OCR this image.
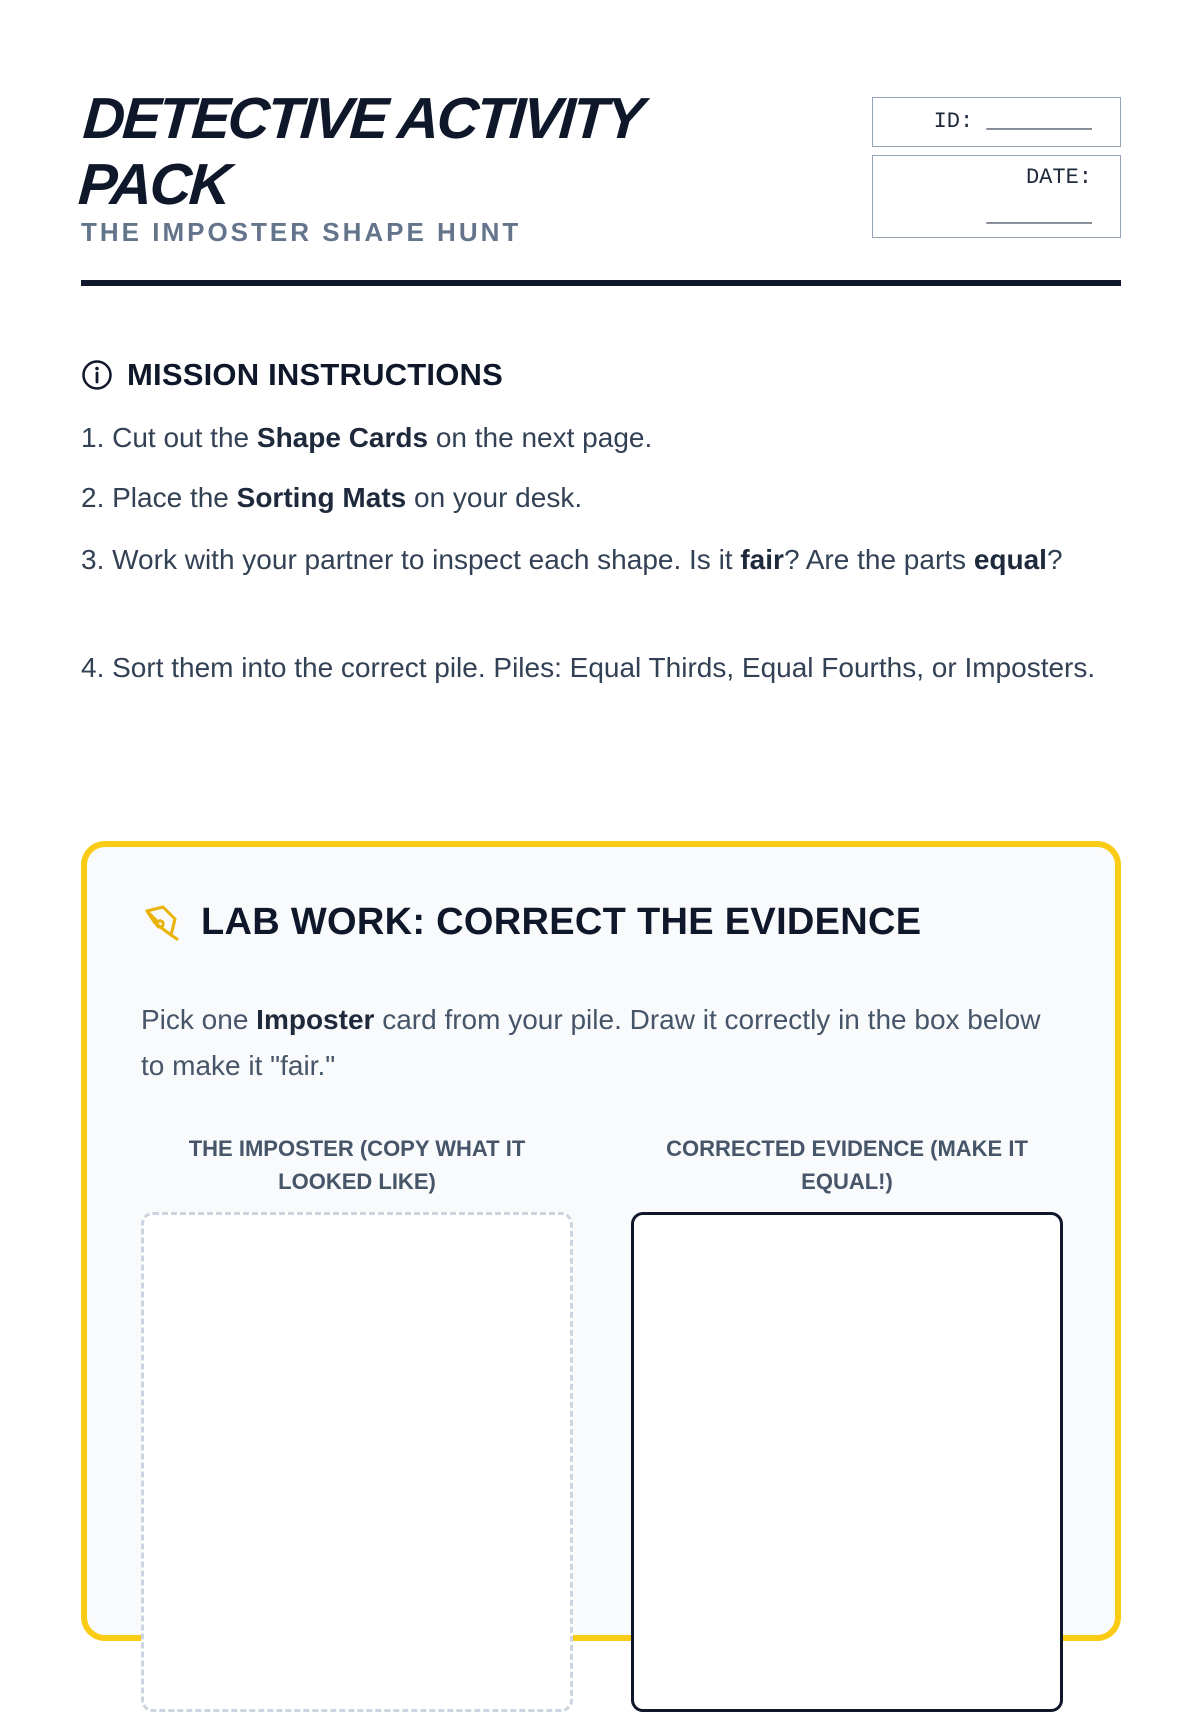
DETECTIVE ACTIVITY PACK

THE IMPOSTER SHAPE HUNT

ID: ________
DATE:
________
MISSION INSTRUCTIONS
1. Cut out the Shape Cards on the next page.
2. Place the Sorting Mats on your desk.
3. Work with your partner to inspect each shape. Is it fair? Are the parts equal?
4. Sort them into the correct pile. Piles: Equal Thirds, Equal Fourths, or Imposters.
LAB WORK: CORRECT THE EVIDENCE

Pick one Imposter card from your pile. Draw it correctly in the box below to make it "fair."

THE IMPOSTER (COPY WHAT IT LOOKED LIKE)

CORRECTED EVIDENCE (MAKE IT EQUAL!)
